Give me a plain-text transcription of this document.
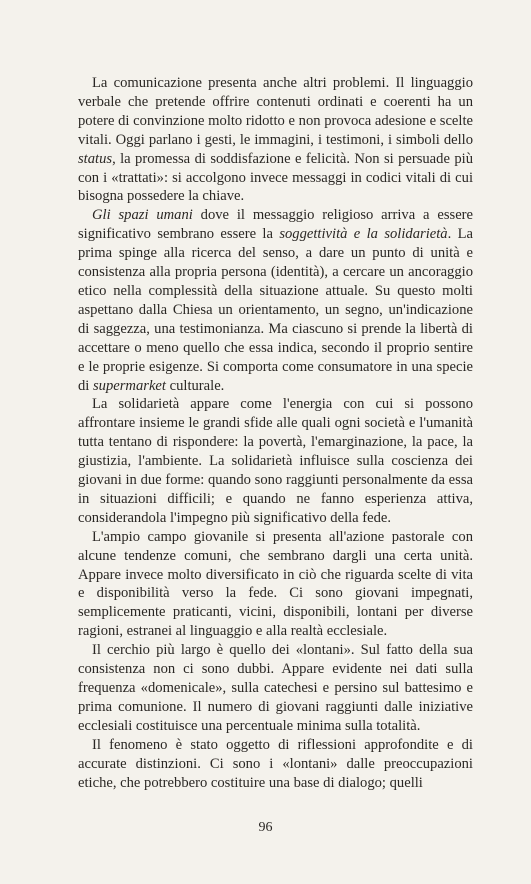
La comunicazione presenta anche altri problemi. Il linguaggio verbale che pretende offrire contenuti ordinati e coerenti ha un potere di convinzione molto ridotto e non provoca adesione e scelte vitali. Oggi parlano i gesti, le immagini, i testimoni, i simboli dello status, la promessa di soddisfazione e felicità. Non si persuade più con i «trattati»: si accolgono invece messaggi in codici vitali di cui bisogna possedere la chiave.

Gli spazi umani dove il messaggio religioso arriva a essere significativo sembrano essere la soggettività e la solidarietà. La prima spinge alla ricerca del senso, a dare un punto di unità e consistenza alla propria persona (identità), a cercare un ancoraggio etico nella complessità della situazione attuale. Su questo molti aspettano dalla Chiesa un orientamento, un segno, un'indicazione di saggezza, una testimonianza. Ma ciascuno si prende la libertà di accettare o meno quello che essa indica, secondo il proprio sentire e le proprie esigenze. Si comporta come consumatore in una specie di supermarket culturale.

La solidarietà appare come l'energia con cui si possono affrontare insieme le grandi sfide alle quali ogni società e l'umanità tutta tentano di rispondere: la povertà, l'emarginazione, la pace, la giustizia, l'ambiente. La solidarietà influisce sulla coscienza dei giovani in due forme: quando sono raggiunti personalmente da essa in situazioni difficili; e quando ne fanno esperienza attiva, considerandola l'impegno più significativo della fede.

L'ampio campo giovanile si presenta all'azione pastorale con alcune tendenze comuni, che sembrano dargli una certa unità. Appare invece molto diversificato in ciò che riguarda scelte di vita e disponibilità verso la fede. Ci sono giovani impegnati, semplicemente praticanti, vicini, disponibili, lontani per diverse ragioni, estranei al linguaggio e alla realtà ecclesiale.

Il cerchio più largo è quello dei «lontani». Sul fatto della sua consistenza non ci sono dubbi. Appare evidente nei dati sulla frequenza «domenicale», sulla catechesi e persino sul battesimo e prima comunione. Il numero di giovani raggiunti dalle iniziative ecclesiali costituisce una percentuale minima sulla totalità.

Il fenomeno è stato oggetto di riflessioni approfondite e di accurate distinzioni. Ci sono i «lontani» dalle preoccupazioni etiche, che potrebbero costituire una base di dialogo; quelli

96
